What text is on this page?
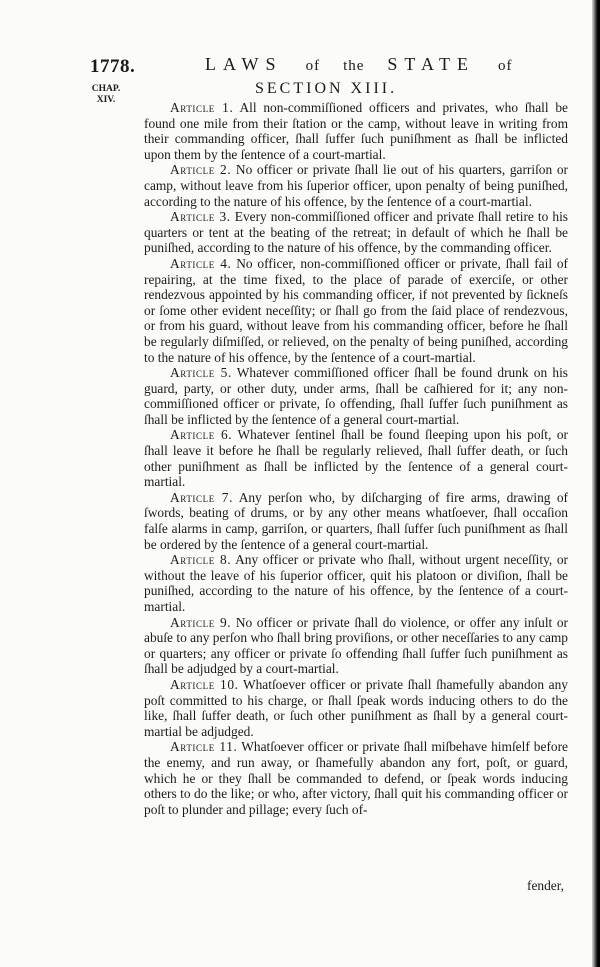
1778.	LAWS of the STATE of
CHAP.
XIV.
SECTION XIII.

Article 1. All non-commiſſioned officers and privates, who ſhall be found one mile from their ſtation or the camp, without leave in writing from their commanding officer, ſhall ſuffer ſuch puniſhment as ſhall be inflicted upon them by the ſentence of a court-martial.

Article 2. No officer or private ſhall lie out of his quarters, garriſon or camp, without leave from his ſuperior officer, upon penalty of being puniſhed, according to the nature of his offence, by the ſentence of a court-martial.

Article 3. Every non-commiſſioned officer and private ſhall retire to his quarters or tent at the beating of the retreat; in default of which he ſhall be puniſhed, according to the nature of his offence, by the commanding officer.

Article 4. No officer, non-commiſſioned officer or private, ſhall fail of repairing, at the time fixed, to the place of parade of exerciſe, or other rendezvous appointed by his commanding officer, if not prevented by ſickneſs or ſome other evident neceſſity; or ſhall go from the ſaid place of rendezvous, or from his guard, without leave from his commanding officer, before he ſhall be regularly diſmiſſed, or relieved, on the penalty of being puniſhed, according to the nature of his offence, by the ſentence of a court-martial.

Article 5. Whatever commiſſioned officer ſhall be found drunk on his guard, party, or other duty, under arms, ſhall be caſhiered for it; any non-commiſſioned officer or private, ſo offending, ſhall ſuffer ſuch puniſhment as ſhall be inflicted by the ſentence of a general court-martial.

Article 6. Whatever ſentinel ſhall be found ſleeping upon his poſt, or ſhall leave it before he ſhall be regularly relieved, ſhall ſuffer death, or ſuch other puniſhment as ſhall be inflicted by the ſentence of a general court-martial.

Article 7. Any perſon who, by diſcharging of fire arms, drawing of ſwords, beating of drums, or by any other means whatſoever, ſhall occaſion falſe alarms in camp, garriſon, or quarters, ſhall ſuffer ſuch puniſhment as ſhall be ordered by the ſentence of a general court-martial.

Article 8. Any officer or private who ſhall, without urgent neceſſity, or without the leave of his ſuperior officer, quit his platoon or diviſion, ſhall be puniſhed, according to the nature of his offence, by the ſentence of a court-martial.

Article 9. No officer or private ſhall do violence, or offer any inſult or abuſe to any perſon who ſhall bring proviſions, or other neceſſaries to any camp or quarters; any officer or private ſo offending ſhall ſuffer ſuch puniſhment as ſhall be adjudged by a court-martial.

Article 10. Whatſoever officer or private ſhall ſhamefully abandon any poſt committed to his charge, or ſhall ſpeak words inducing others to do the like, ſhall ſuffer death, or ſuch other puniſhment as ſhall by a general court-martial be adjudged.

Article 11. Whatſoever officer or private ſhall miſbehave himſelf before the enemy, and run away, or ſhamefully abandon any fort, poſt, or guard, which he or they ſhall be commanded to defend, or ſpeak words inducing others to do the like; or who, after victory, ſhall quit his commanding officer or poſt to plunder and pillage; every ſuch of-

fender,
